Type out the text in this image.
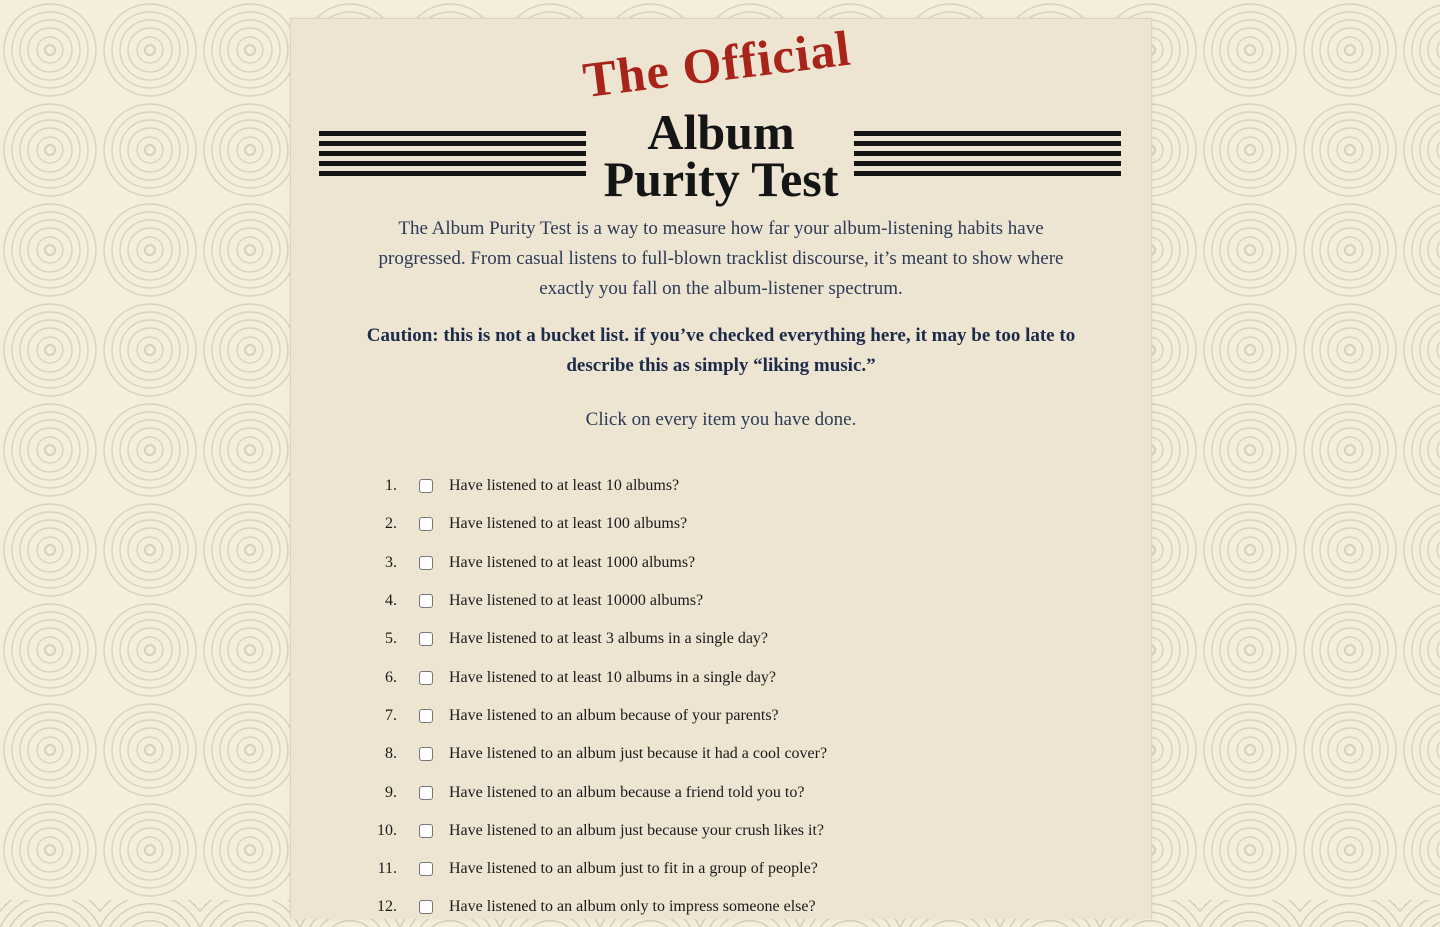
The Official
Album
Purity Test
The Album Purity Test is a way to measure how far your album-listening habits have progressed. From casual listens to full-blown tracklist discourse, it’s meant to show where exactly you fall on the album-listener spectrum.
Caution: this is not a bucket list. if you’ve checked everything here, it may be too late to describe this as simply “liking music.”
Click on every item you have done.
1.	Have listened to at least 10 albums?
2.	Have listened to at least 100 albums?
3.	Have listened to at least 1000 albums?
4.	Have listened to at least 10000 albums?
5.	Have listened to at least 3 albums in a single day?
6.	Have listened to at least 10 albums in a single day?
7.	Have listened to an album because of your parents?
8.	Have listened to an album just because it had a cool cover?
9.	Have listened to an album because a friend told you to?
10.	Have listened to an album just because your crush likes it?
11.	Have listened to an album just to fit in a group of people?
12.	Have listened to an album only to impress someone else?
